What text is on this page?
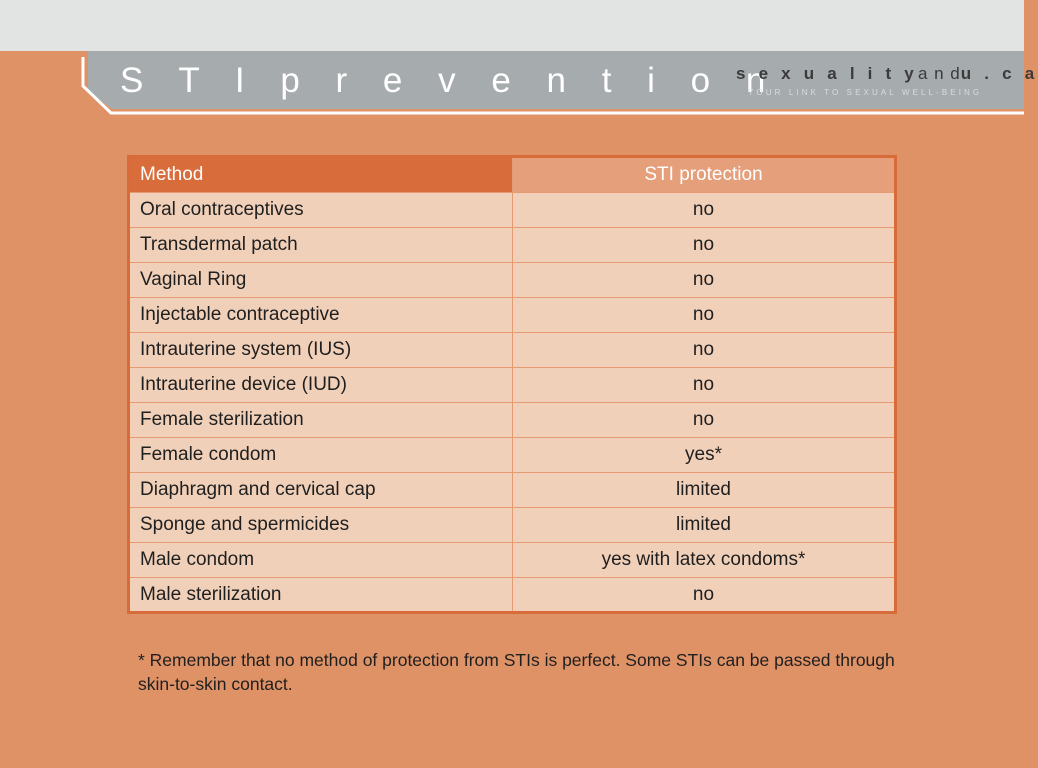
S T I p r e v e n t i o n
s e x u a l i t ya n du . c a
YOUR LINK TO SEXUAL WELL-BEING
Method	STI protection
Oral contraceptives	no
Transdermal patch	no
Vaginal Ring	no
Injectable contraceptive	no
Intrauterine system (IUS)	no
Intrauterine device (IUD)	no
Female sterilization	no
Female condom	yes*
Diaphragm and cervical cap	limited
Sponge and spermicides	limited
Male condom	yes with latex condoms*
Male sterilization	no
* Remember that no method of protection from STIs is perfect. Some STIs can be passed through skin-to-skin contact.
